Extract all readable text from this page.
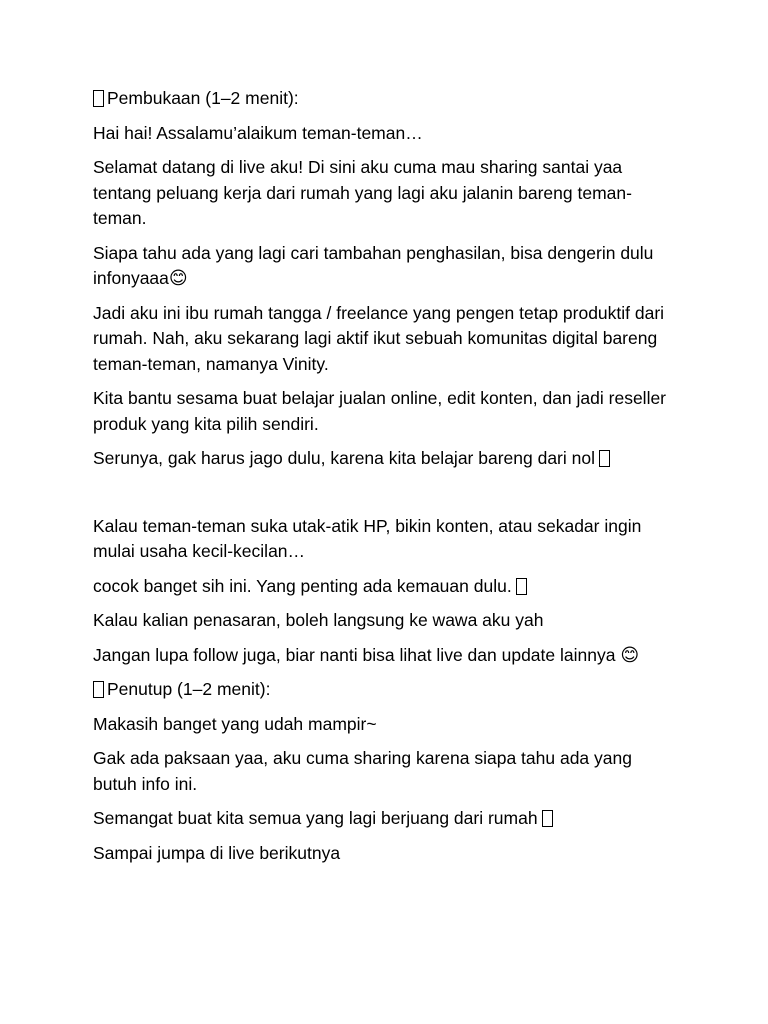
Pembukaan (1–2 menit):

Hai hai! Assalamu’alaikum teman-teman…

Selamat datang di live aku! Di sini aku cuma mau sharing santai yaa tentang peluang kerja dari rumah yang lagi aku jalanin bareng teman-teman.

Siapa tahu ada yang lagi cari tambahan penghasilan, bisa dengerin dulu infonyaaa😊

Jadi aku ini ibu rumah tangga / freelance yang pengen tetap produktif dari rumah. Nah, aku sekarang lagi aktif ikut sebuah komunitas digital bareng teman-teman, namanya Vinity.

Kita bantu sesama buat belajar jualan online, edit konten, dan jadi reseller produk yang kita pilih sendiri.

Serunya, gak harus jago dulu, karena kita belajar bareng dari nol

Kalau teman-teman suka utak-atik HP, bikin konten, atau sekadar ingin mulai usaha kecil-kecilan…

cocok banget sih ini. Yang penting ada kemauan dulu.

Kalau kalian penasaran, boleh langsung ke wawa aku yah

Jangan lupa follow juga, biar nanti bisa lihat live dan update lainnya 😊

Penutup (1–2 menit):

Makasih banget yang udah mampir~

Gak ada paksaan yaa, aku cuma sharing karena siapa tahu ada yang butuh info ini.

Semangat buat kita semua yang lagi berjuang dari rumah

Sampai jumpa di live berikutnya
